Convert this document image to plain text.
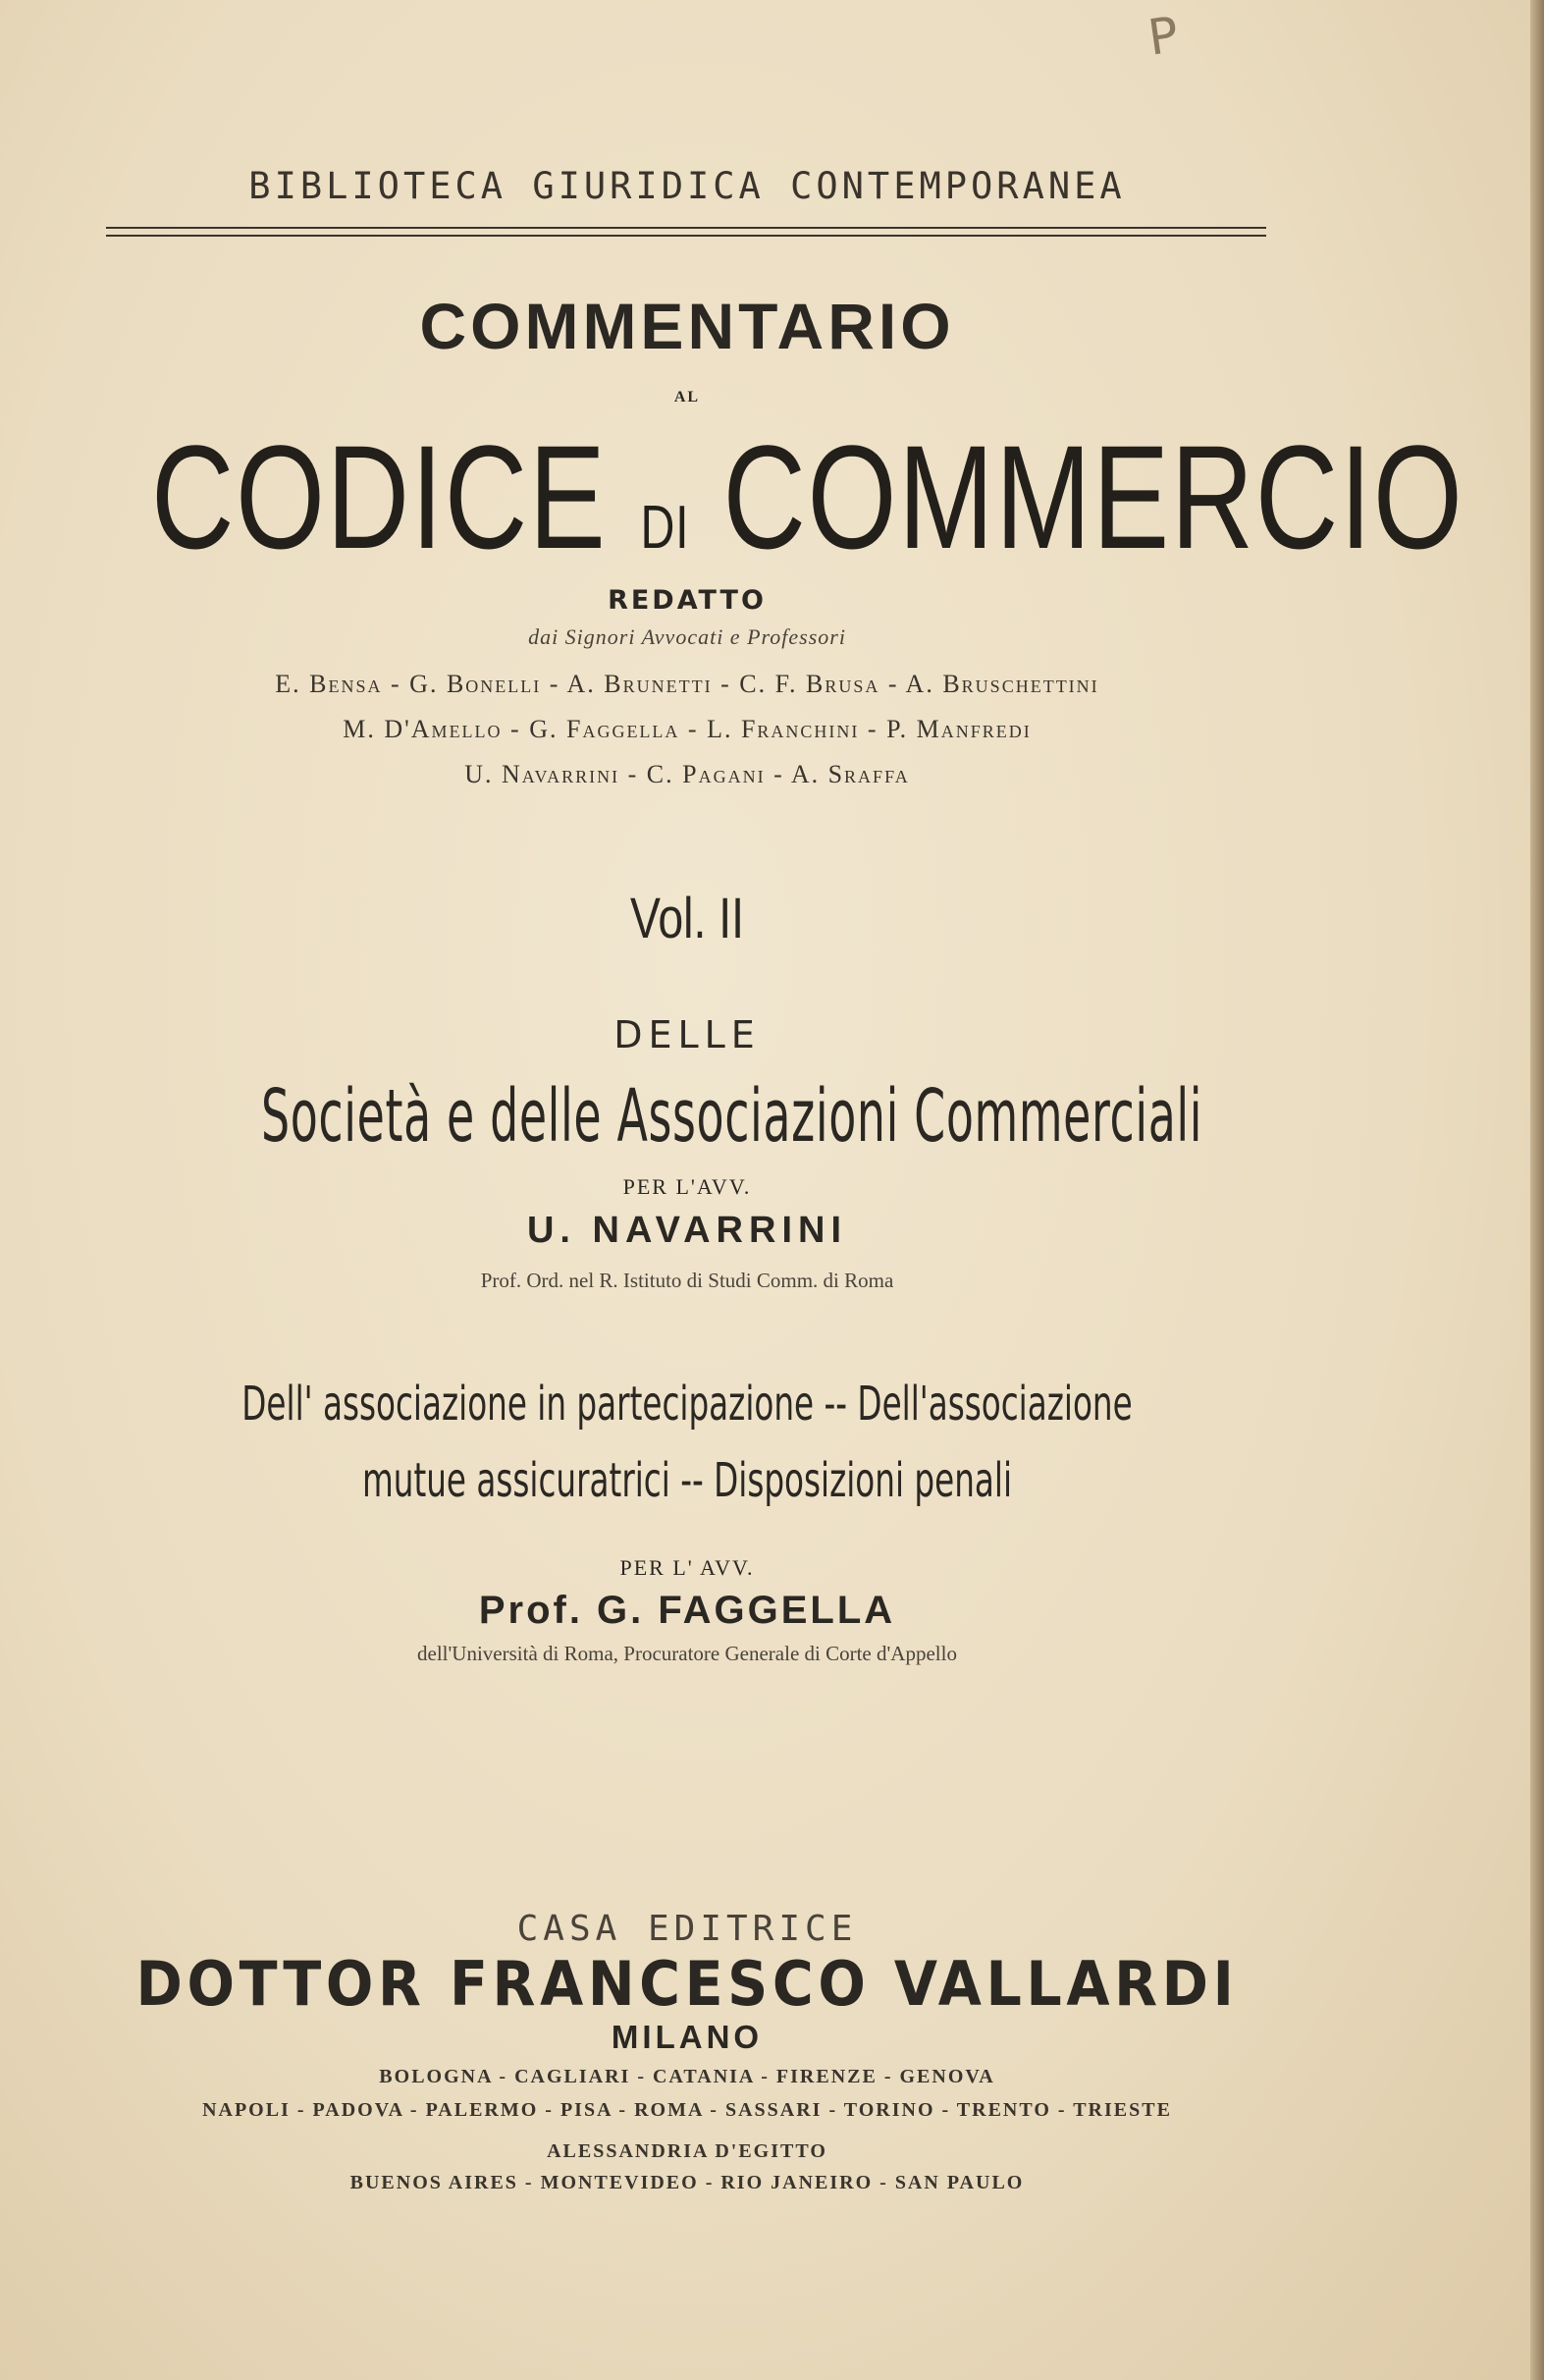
P
BIBLIOTECA GIURIDICA CONTEMPORANEA
COMMENTARIO
AL
CODICE DI COMMERCIO
REDATTO
dai Signori Avvocati e Professori
E. Bensa - G. Bonelli - A. Brunetti - C. F. Brusa - A. Bruschettini
M. D'Amello - G. Faggella - L. Franchini - P. Manfredi
U. Navarrini - C. Pagani - A. Sraffa
Vol. II
DELLE
Società e delle Associazioni Commerciali
PER L'AVV.
U. NAVARRINI
Prof. Ord. nel R. Istituto di Studi Comm. di Roma
Dell' associazione in partecipazione -- Dell'associazione
mutue assicuratrici -- Disposizioni penali
PER L' AVV.
Prof. G. FAGGELLA
dell'Università di Roma, Procuratore Generale di Corte d'Appello
CASA EDITRICE
DOTTOR FRANCESCO VALLARDI
MILANO
BOLOGNA - CAGLIARI - CATANIA - FIRENZE - GENOVA
NAPOLI - PADOVA - PALERMO - PISA - ROMA - SASSARI - TORINO - TRENTO - TRIESTE
ALESSANDRIA D'EGITTO
BUENOS AIRES - MONTEVIDEO - RIO JANEIRO - SAN PAULO
